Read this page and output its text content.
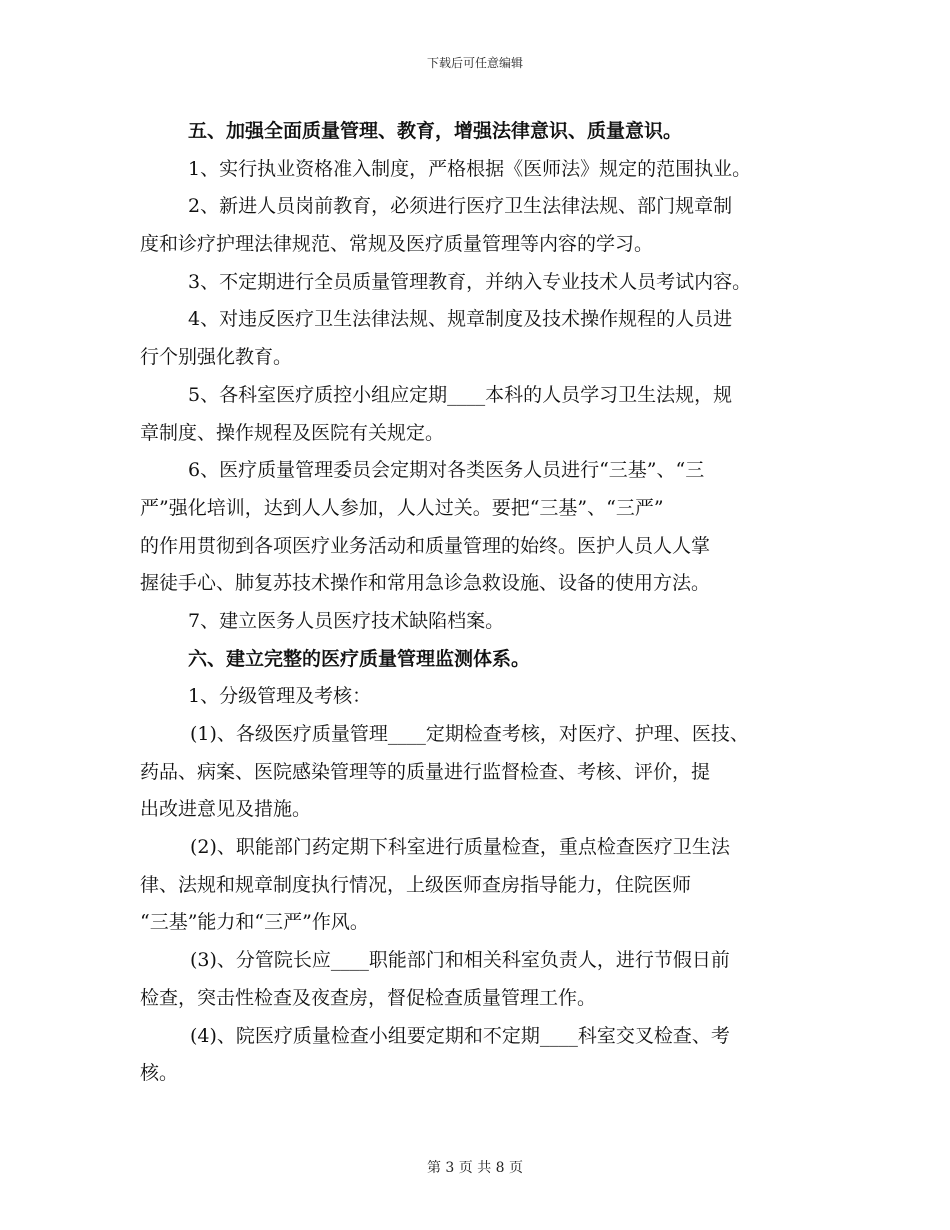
下载后可任意编辑
五、加强全面质量管理、教育，增强法律意识、质量意识。
1、实行执业资格准入制度，严格根据《医师法》规定的范围执业。
2、新进人员岗前教育，必须进行医疗卫生法律法规、部门规章制
度和诊疗护理法律规范、常规及医疗质量管理等内容的学习。
3、不定期进行全员质量管理教育，并纳入专业技术人员考试内容。
4、对违反医疗卫生法律法规、规章制度及技术操作规程的人员进
行个别强化教育。
5、各科室医疗质控小组应定期____本科的人员学习卫生法规，规
章制度、操作规程及医院有关规定。
6、医疗质量管理委员会定期对各类医务人员进行“三基”、“三
严”强化培训，达到人人参加，人人过关。要把“三基”、“三严”
的作用贯彻到各项医疗业务活动和质量管理的始终。医护人员人人掌
握徒手心、肺复苏技术操作和常用急诊急救设施、设备的使用方法。
7、建立医务人员医疗技术缺陷档案。
六、建立完整的医疗质量管理监测体系。
1、分级管理及考核：
(1)、各级医疗质量管理____定期检查考核，对医疗、护理、医技、
药品、病案、医院感染管理等的质量进行监督检查、考核、评价，提
出改进意见及措施。
(2)、职能部门药定期下科室进行质量检查，重点检查医疗卫生法
律、法规和规章制度执行情况，上级医师查房指导能力，住院医师
“三基”能力和“三严”作风。
(3)、分管院长应____职能部门和相关科室负责人，进行节假日前
检查，突击性检查及夜查房，督促检查质量管理工作。
(4)、院医疗质量检查小组要定期和不定期____科室交叉检查、考
核。
第 3 页 共 8 页
